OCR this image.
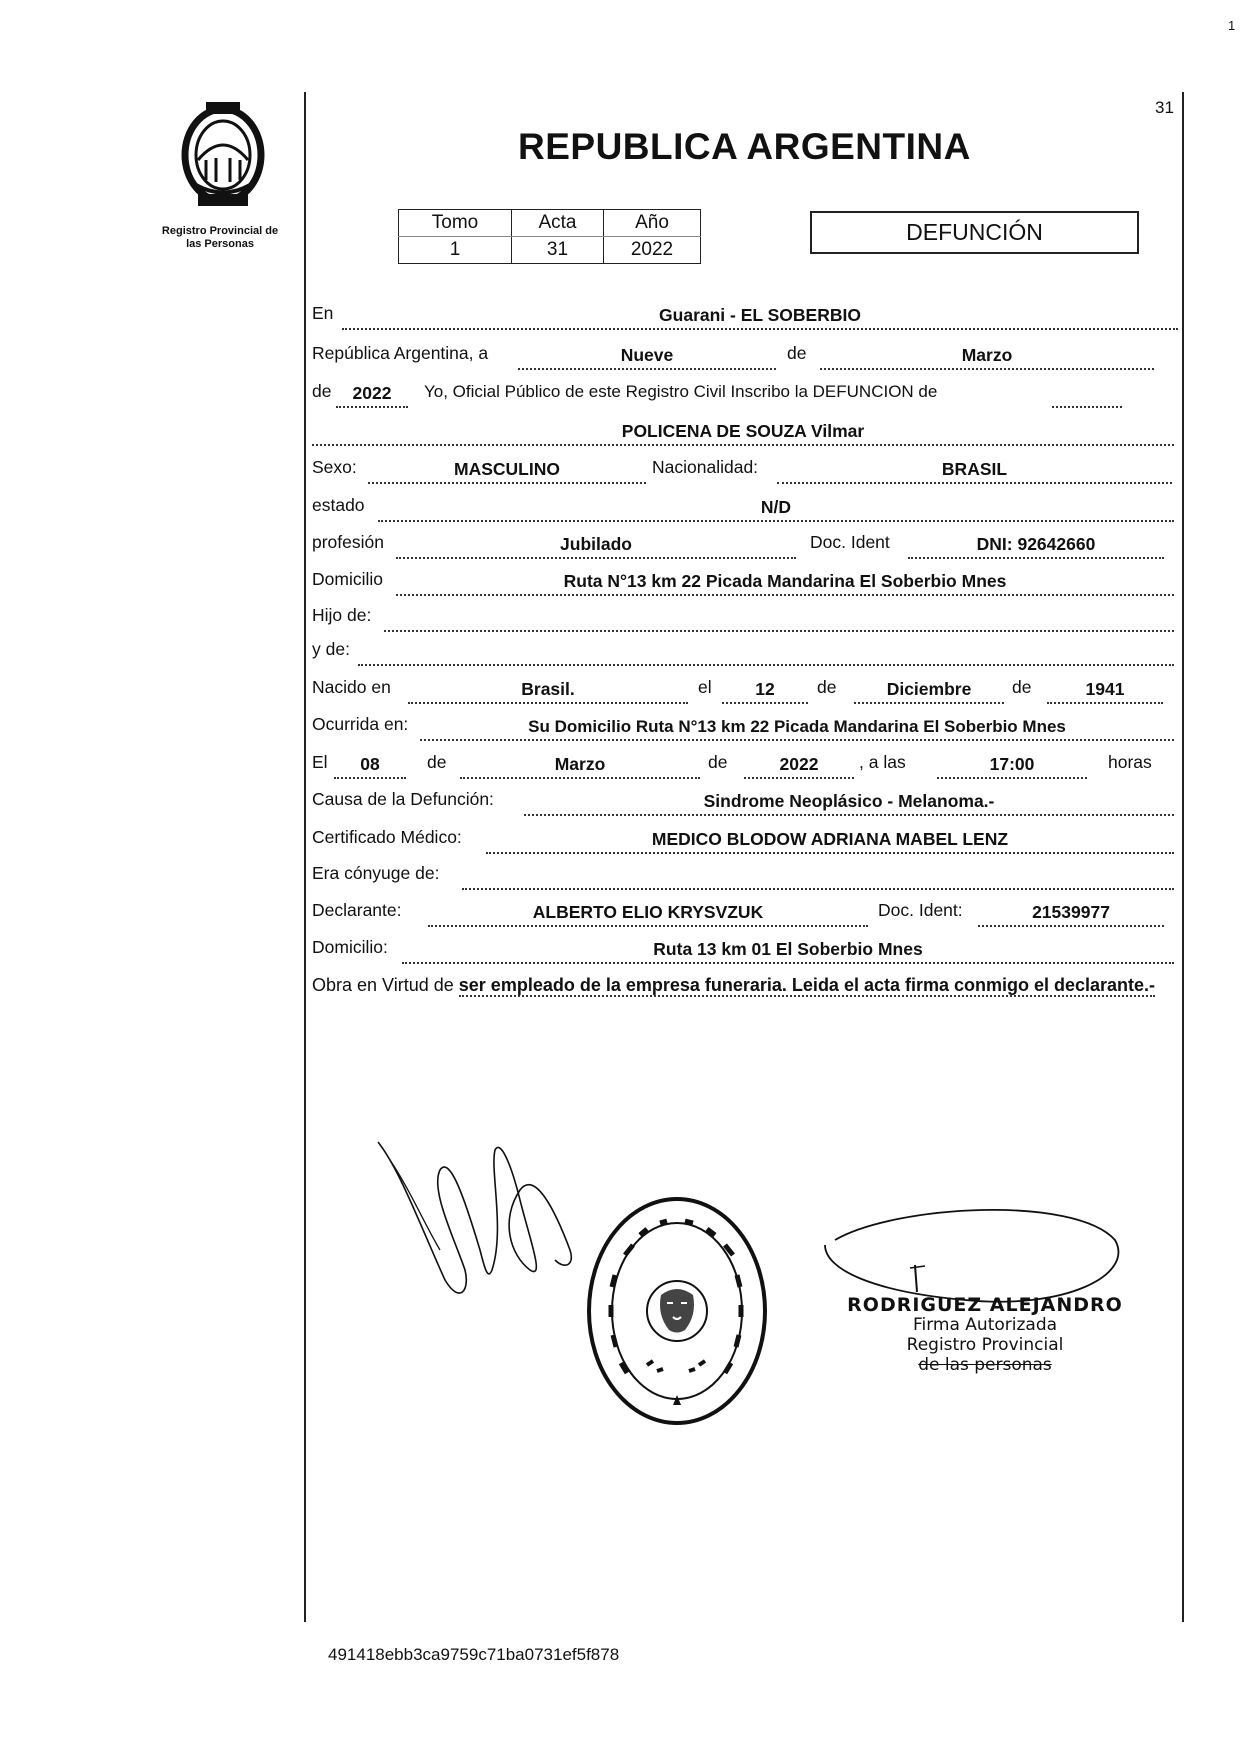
1
31
Registro Provincial de
las Personas
REPUBLICA ARGENTINA
Tomo	Acta	Año
1	31	2022
DEFUNCIÓN
En	Guarani - EL SOBERBIO
República Argentina, a	Nueve	de	Marzo
de	2022	Yo, Oficial Público de este Registro Civil Inscribo la DEFUNCION de
POLICENA DE SOUZA Vilmar
Sexo:	MASCULINO	Nacionalidad:	BRASIL
estado	N/D
profesión	Jubilado	Doc. Ident	DNI: 92642660
Domicilio	Ruta N°13 km 22 Picada Mandarina El Soberbio Mnes
Hijo de:
y de:
Nacido en	Brasil.	el	12	de	Diciembre	de	1941
Ocurrida en:	Su Domicilio Ruta N°13 km 22 Picada Mandarina El Soberbio Mnes
El	08	de	Marzo	de	2022	, a las	17:00	horas
Causa de la Defunción:	Sindrome Neoplásico - Melanoma.-
Certificado Médico:	MEDICO BLODOW ADRIANA MABEL LENZ
Era cónyuge de:
Declarante:	ALBERTO ELIO KRYSVZUK	Doc. Ident:	21539977
Domicilio:	Ruta 13 km 01 El Soberbio Mnes
Obra en Virtud de ser empleado de la empresa funeraria. Leida el acta firma conmigo el declarante.-
RODRIGUEZ ALEJANDRO
Firma Autorizada
Registro Provincial
de las personas
491418ebb3ca9759c71ba0731ef5f878
